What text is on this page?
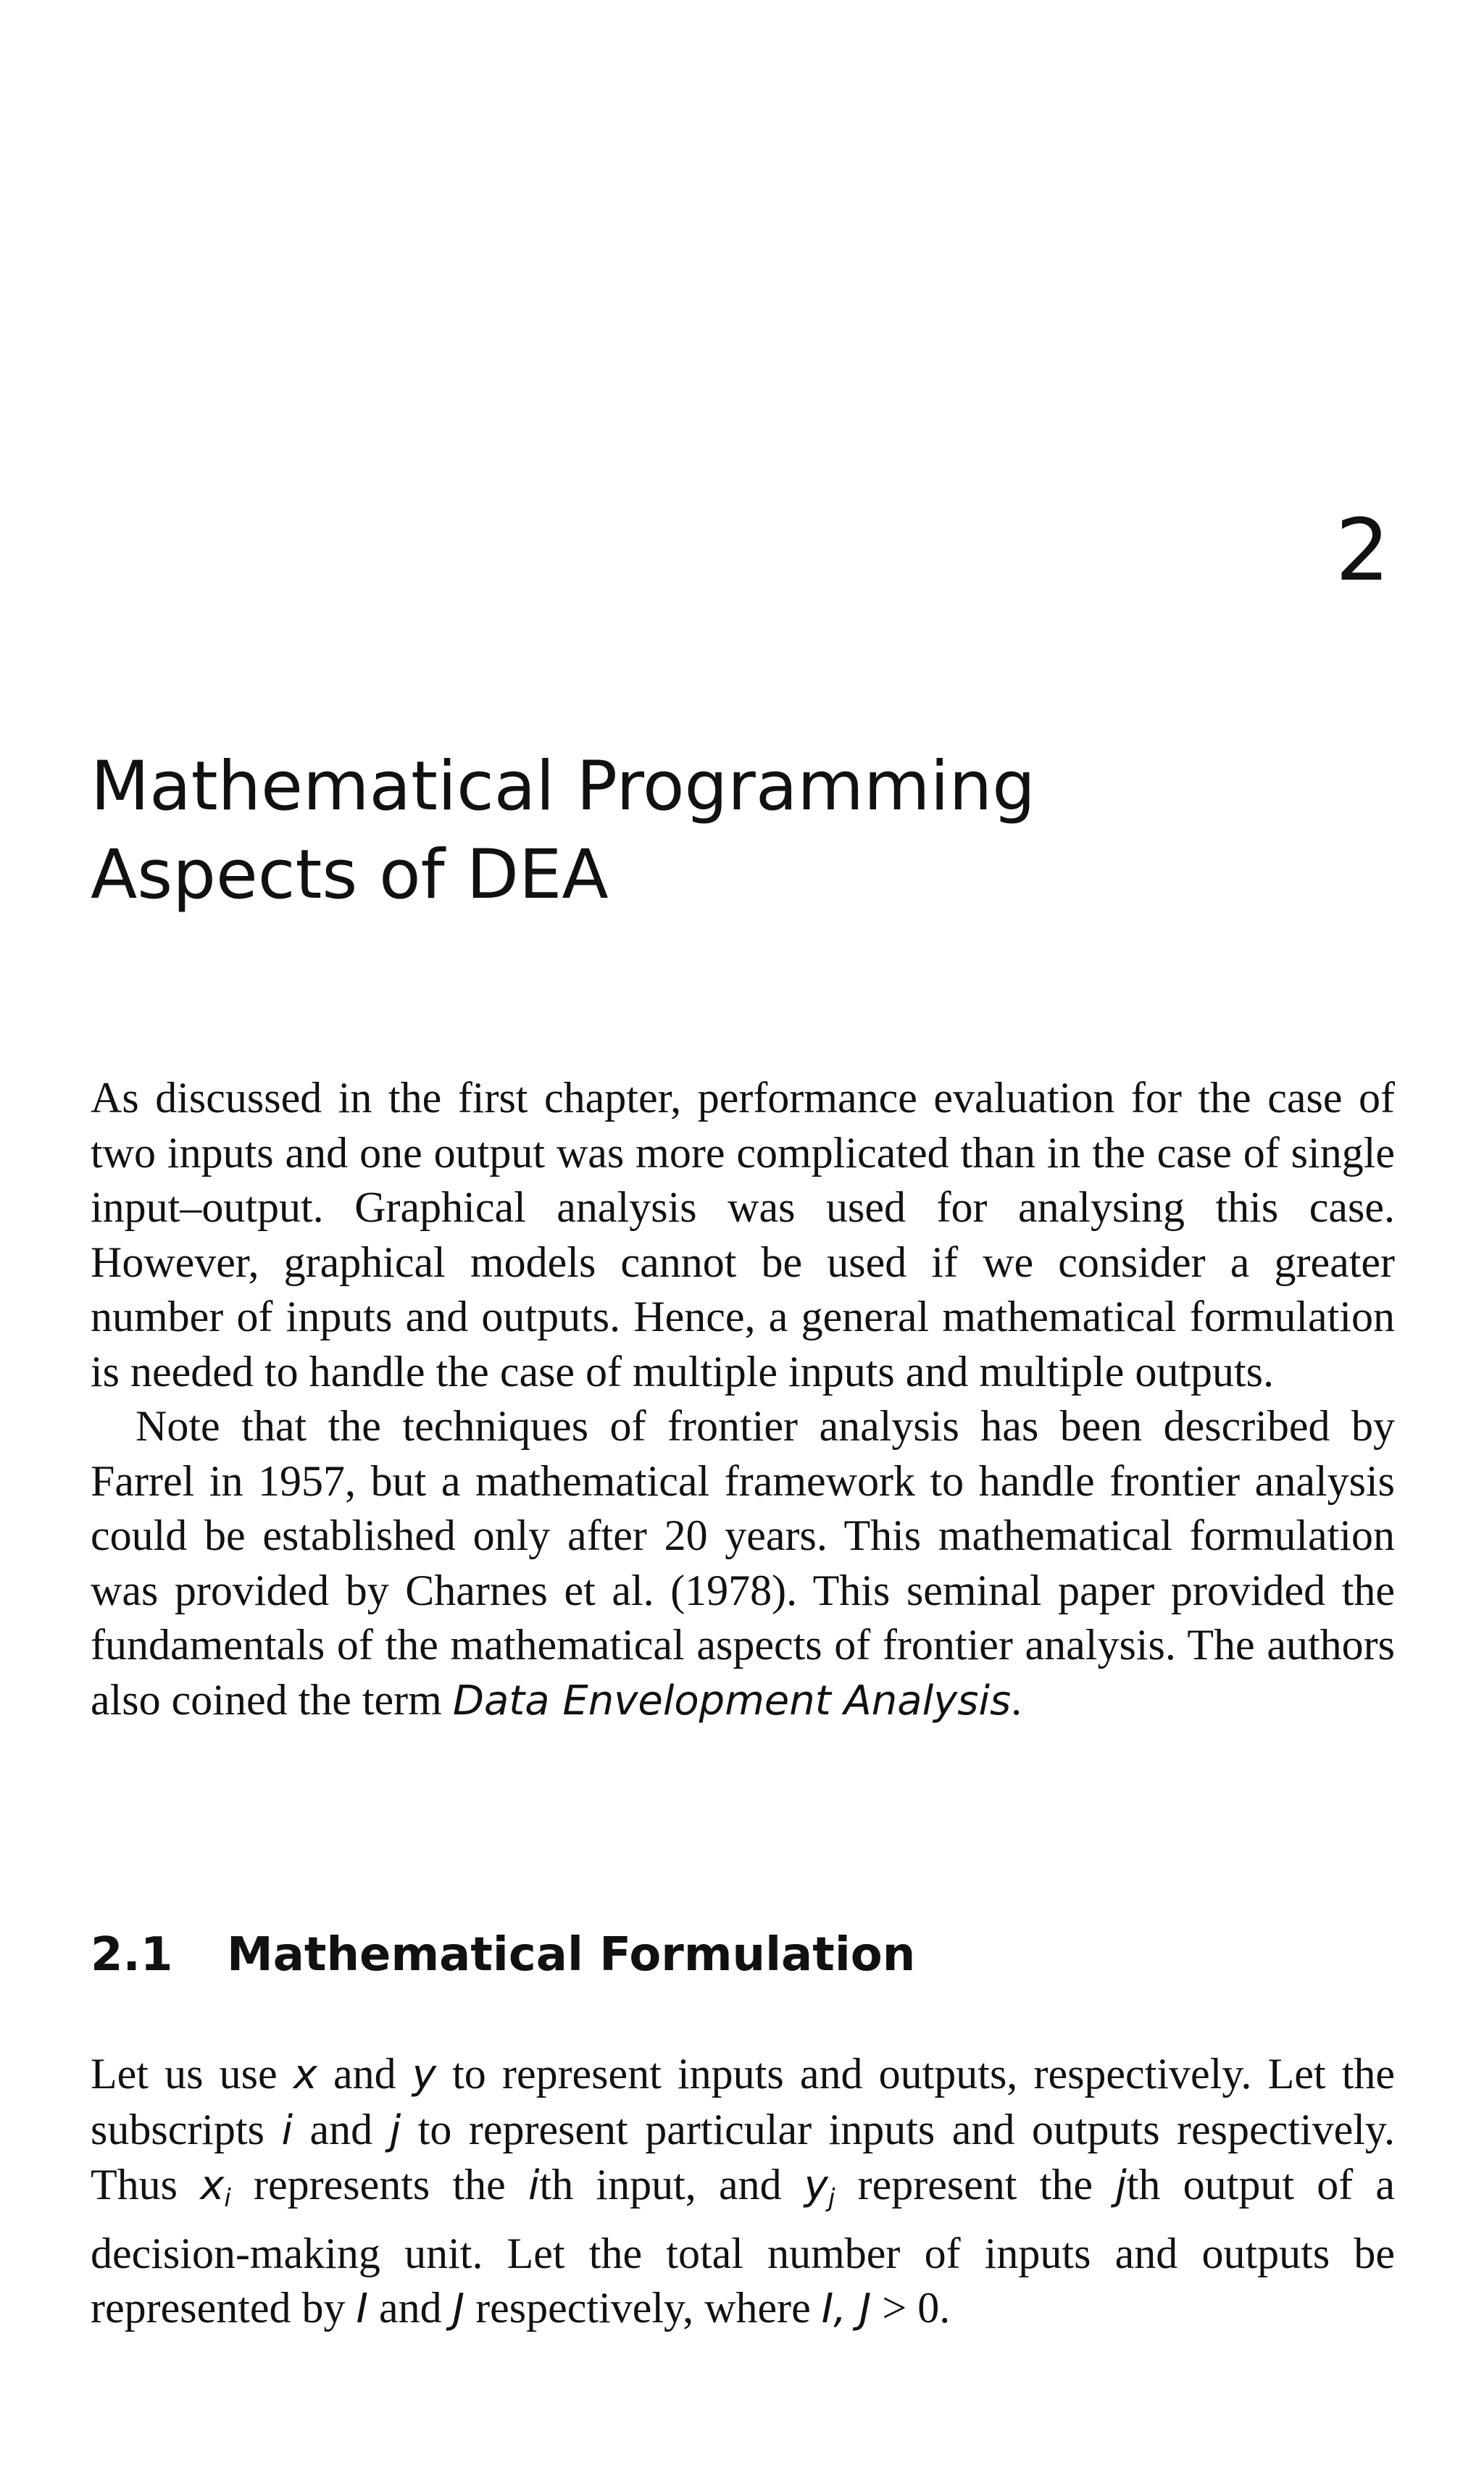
2
Mathematical Programming
Aspects of DEA

As discussed in the first chapter, performance evaluation for the case of two inputs and one output was more complicated than in the case of single input–output. Graphical analysis was used for analysing this case. However, graphical models cannot be used if we consider a greater number of inputs and outputs. Hence, a general mathematical formulation is needed to handle the case of multiple inputs and multiple outputs.

Note that the techniques of frontier analysis has been described by Farrel in 1957, but a mathematical framework to handle frontier analysis could be established only after 20 years. This mathematical formulation was provided by Charnes et al. (1978). This seminal paper provided the fundamentals of the mathematical aspects of frontier analysis. The authors also coined the term Data Envelopment Analysis.

2.1 Mathematical Formulation

Let us use x and y to represent inputs and outputs, respectively. Let the subscripts i and j to represent particular inputs and outputs respectively. Thus xi represents the ith input, and yj represent the jth output of a decision-making unit. Let the total number of inputs and outputs be represented by I and J respectively, where I, J > 0.
